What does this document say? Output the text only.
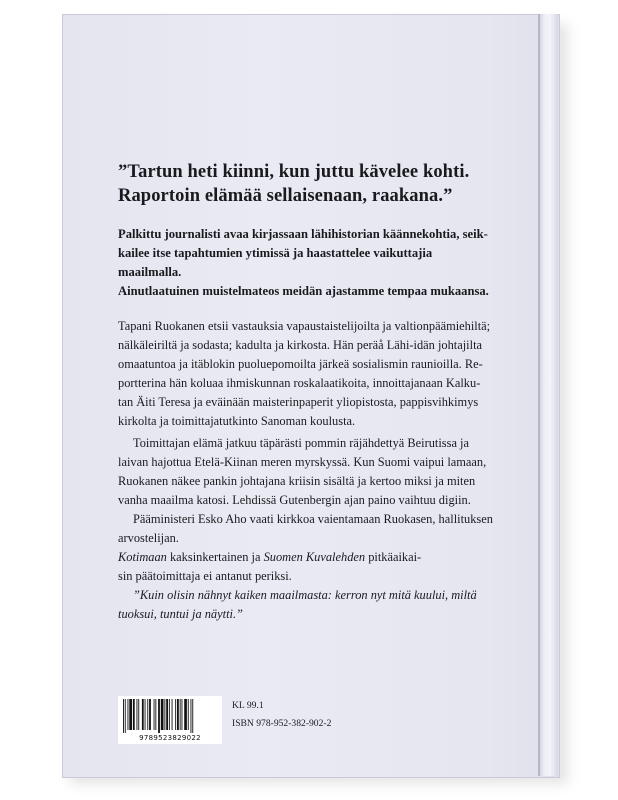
”Tartun heti kiinni, kun juttu kävelee kohti.
Raportoin elämää sellaisenaan, raakana.”

Palkittu journalisti avaa kirjassaan lähihistorian käännekohtia, seik-
kailee itse tapahtumien ytimissä ja haastattelee vaikuttajia maailmalla.
Ainutlaatuinen muistelmateos meidän ajastamme tempaa mukaansa.

Tapani Ruokanen etsii vastauksia vapaustaistelijoilta ja valtionpäämiehiltä;
nälkäleiriltä ja sodasta; kadulta ja kirkosta. Hän peräå Lähi-idän johtajilta
omaatuntoa ja itäblokin puoluepomoilta järkeä sosialismin raunioilla. Re-
portterina hän koluaa ihmiskunnan roskalaatikoita, innoittajanaan Kalku-
tan Äiti Teresa ja eväinään maisterinpaperit yliopistosta, pappisvihkimys
kirkolta ja toimittajatutkinto Sanoman koulusta.

Toimittajan elämä jatkuu täpärästi pommin räjähdettyä Beirutissa ja
laivan hajottua Etelä-Kiinan meren myrskyssä. Kun Suomi vaipui lamaan,
Ruokanen näkee pankin johtajana kriisin sisältä ja kertoo miksi ja miten
vanha maailma katosi. Lehdissä Gutenbergin ajan paino vaihtuu digiin.

Pääministeri Esko Aho vaati kirkkoa vaientamaan Ruokasen, hallituksen
arvostelijan.
Kotimaan kaksinkertainen ja Suomen Kuvalehden pitkäaikai-
sin päätoimittaja ei antanut periksi.

”Kuin olisin nähnyt kaiken maailmasta: kerron nyt mitä kuului, miltä
tuoksui, tuntui ja näytti.”

9789523829022
KL 99.1
ISBN 978-952-382-902-2
